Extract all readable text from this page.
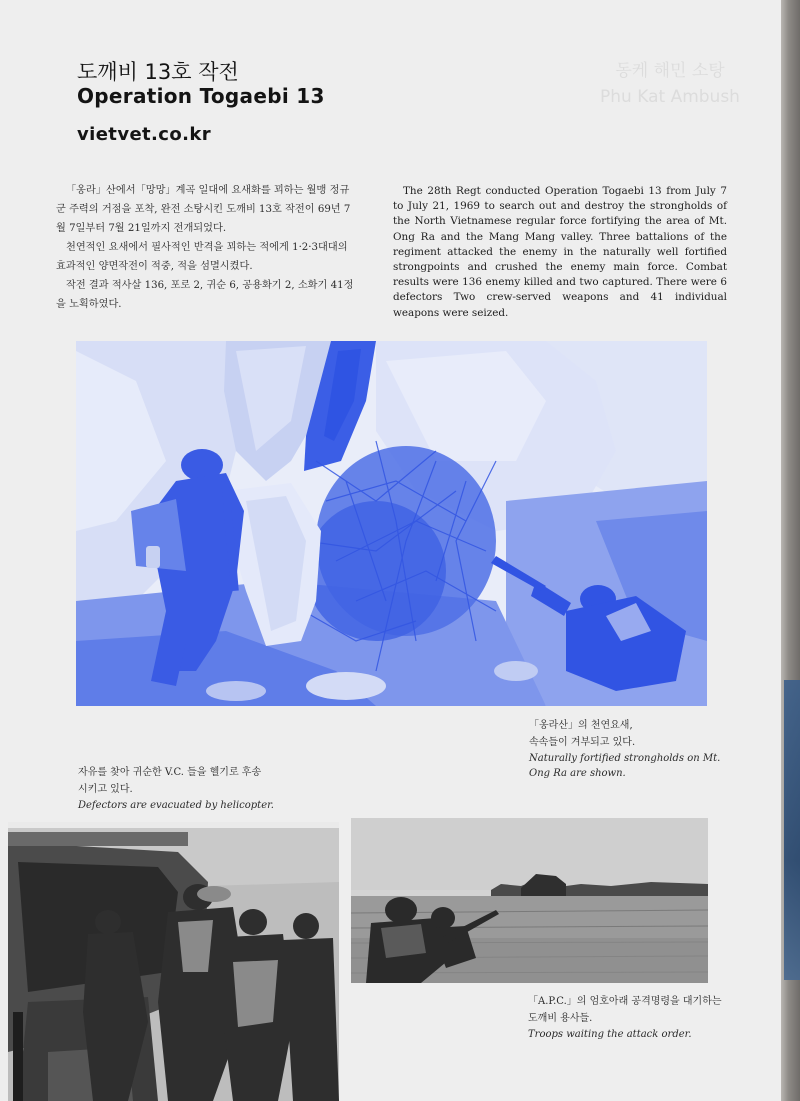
동케 해민 소탕
Phu Kat Ambush
도깨비 13호 작전
Operation Togaebi 13
vietvet.co.kr

「옹라」산에서「망망」계곡 일대에 요새화를 꾀하는 월맹 정규군 주력의 거점을 포착, 완전 소탕시킨 도깨비 13호 작전이 69년 7월 7일부터 7월 21일까지 전개되었다.

천연적인 요새에서 필사적인 반격을 꾀하는 적에게 1·2·3대대의 효과적인 양면작전이 적중, 적을 섬멸시켰다.

작전 결과 적사살 136, 포로 2, 귀순 6, 공용화기 2, 소화기 41정을 노획하였다.

The 28th Regt conducted Operation Togaebi 13 from July 7 to July 21, 1969 to search out and destroy the strongholds of the North Vietnamese regular force fortifying the area of Mt. Ong Ra and the Mang Mang valley. Three battalions of the regiment attacked the enemy in the naturally well fortified strongpoints and crushed the enemy main force. Combat results were 136 enemy killed and two captured. There were 6 defectors Two crew-served weapons and 41 individual weapons were seized.

「옹라산」의 천연요새,

속속들이 겨부되고 있다.

Naturally fortified strongholds on Mt. Ong Ra are shown.

자유를 찾아 귀순한 V.C. 들을 헬기로 후송

시키고 있다.

Defectors are evacuated by helicopter.

「A.P.C.」의 엄호아래 공격명령을 대기하는

도깨비 용사들.

Troops waiting the attack order.
